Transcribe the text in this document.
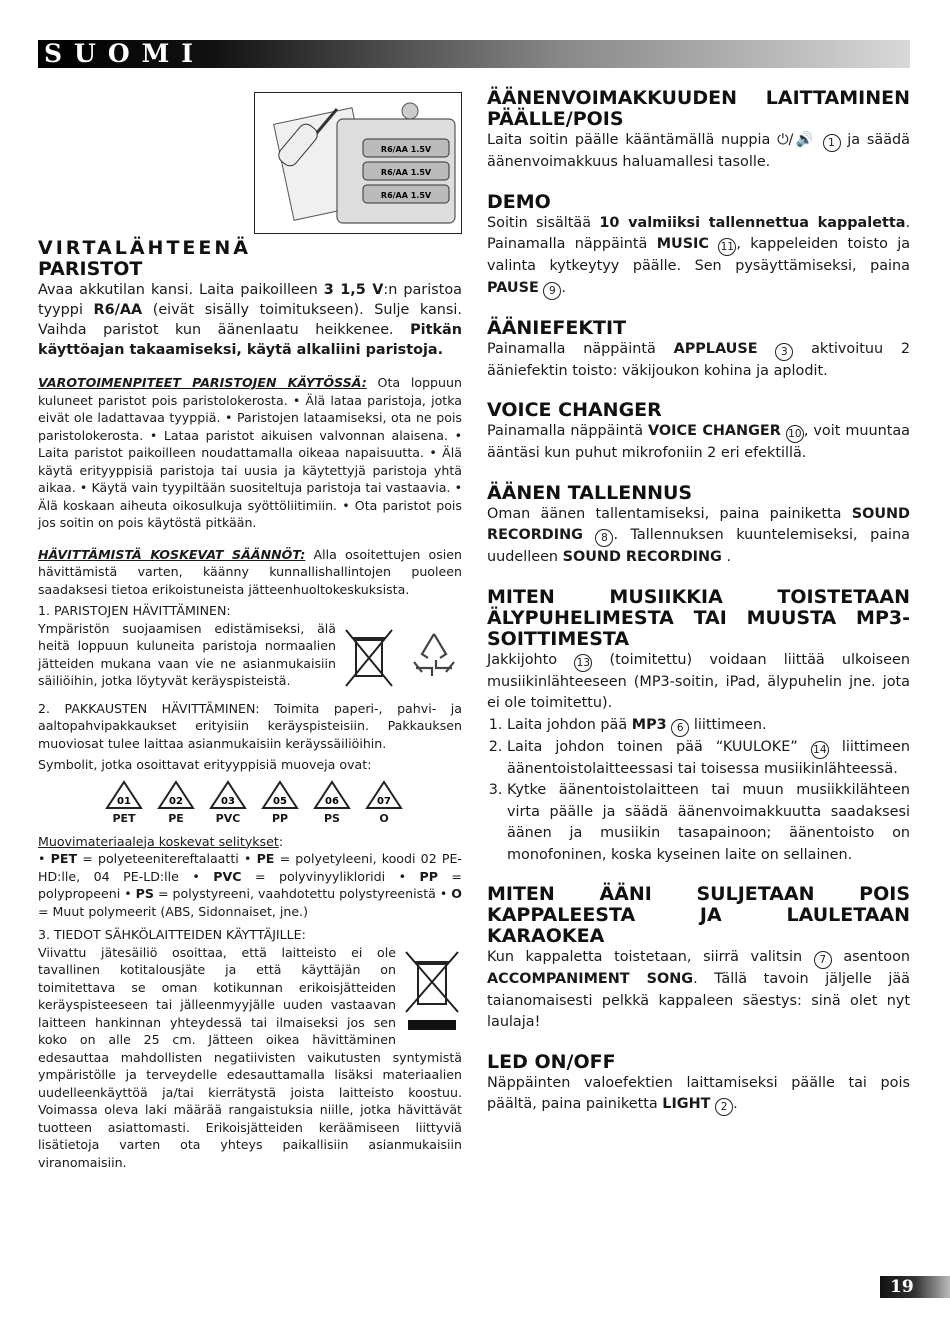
SUOMI
R6/AA 1.5V
R6/AA 1.5V
R6/AA 1.5V
VIRTALÄHTEENÄ
PARISTOT

Avaa akkutilan kansi. Laita paikoilleen 3 1,5 V:n paristoa tyyppi R6/AA (eivät sisälly toimitukseen). Sulje kansi. Vaihda paristot kun äänenlaatu heikkenee. Pitkän käyttöajan takaamiseksi, käytä alkaliini paristoja.

VAROTOIMENPITEET PARISTOJEN KÄYTÖSSÄ: Ota loppuun kuluneet paristot pois paristolokerosta. • Älä lataa paristoja, jotka eivät ole ladattavaa tyyppiä. • Paristojen lataamiseksi, ota ne pois paristolokerosta. • Lataa paristot aikuisen valvonnan alaisena. • Laita paristot paikoilleen noudattamalla oikeaa napaisuutta. • Älä käytä erityyppisiä paristoja tai uusia ja käytettyjä paristoja yhtä aikaa. • Käytä vain tyypiltään suositeltuja paristoja tai vastaavia. • Älä koskaan aiheuta oikosulkuja syöttöliitimiin. • Ota paristot pois jos soitin on pois käytöstä pitkään.

HÄVITTÄMISTÄ KOSKEVAT SÄÄNNÖT: Alla osoitettujen osien hävittämistä varten, käänny kunnallishallintojen puoleen saadaksesi tietoa erikoistuneista jätteenhuoltokeskuksista.

1. PARISTOJEN HÄVITTÄMINEN:

Ympäristön suojaamisen edistämiseksi, älä heitä loppuun kuluneita paristoja normaalien jätteiden mukana vaan vie ne asianmukaisiin säiliöihin, jotka löytyvät keräyspisteistä.

2. PAKKAUSTEN HÄVITTÄMINEN: Toimita paperi-, pahvi- ja aaltopahvipakkaukset erityisiin keräyspisteisiin. Pakkauksen muoviosat tulee laittaa asianmukaisiin keräyssäiliöihin.

Symbolit, jotka osoittavat erityyppisiä muoveja ovat:

01
PET
02
PE
03
PVC
05
PP
06
PS
07
O

Muovimateriaaleja koskevat selitykset:

• PET = polyeteenitereftalaatti • PE = polyetyleeni, koodi 02 PE-HD:lle, 04 PE-LD:lle • PVC = polyvinyylikloridi • PP = polypropeeni • PS = polystyreeni, vaahdotettu polystyreenistä • O = Muut polymeerit (ABS, Sidonnaiset, jne.)

3. TIEDOT SÄHKÖLAITTEIDEN KÄYTTÄJILLE:

Viivattu jätesäiliö osoittaa, että laitteisto ei ole tavallinen kotitalousjäte ja että käyttäjän on toimitettava se oman kotikunnan erikoisjätteiden keräyspisteeseen tai jälleenmyyjälle uuden vastaavan laitteen hankinnan yhteydessä tai ilmaiseksi jos sen koko on alle 25 cm. Jätteen oikea hävittäminen edesauttaa mahdollisten negatiivisten vaikutusten syntymistä ympäristölle ja terveydelle edesauttamalla lisäksi materiaalien uudelleenkäyttöä ja/tai kierrätystä joista laitteisto koostuu. Voimassa oleva laki määrää rangaistuksia niille, jotka hävittävät tuotteen asiattomasti. Erikoisjätteiden keräämiseen liittyviä lisätietoja varten ota yhteys paikallisiin asianmukaisiin viranomaisiin.

ÄÄNENVOIMAKKUUDEN LAITTAMINEN PÄÄLLE/POIS

Laita soitin päälle kääntämällä nuppia ⏻/🔊 1 ja säädä äänenvoimakkuus haluamallesi tasolle.

DEMO

Soitin sisältää 10 valmiiksi tallennettua kappaletta. Painamalla näppäintä MUSIC 11 , kappeleiden toisto ja valinta kytkeytyy päälle. Sen pysäyttämiseksi, paina PAUSE 9 .

ÄÄNIEFEKTIT

Painamalla näppäintä APPLAUSE 3 aktivoituu 2 ääniefektin toisto: väkijoukon kohina ja aplodit.

VOICE CHANGER

Painamalla näppäintä VOICE CHANGER 10 , voit muuntaa ääntäsi kun puhut mikrofoniin 2 eri efektillä.

ÄÄNEN TALLENNUS

Oman äänen tallentamiseksi, paina painiketta SOUND RECORDING 8 . Tallennuksen kuuntelemiseksi, paina uudelleen SOUND RECORDING .

MITEN MUSIIKKIA TOISTETAAN ÄLYPUHELIMESTA TAI MUUSTA MP3-SOITTIMESTA

Jakkijohto 13 (toimitettu) voidaan liittää ulkoiseen musiikinlähteeseen (MP3-soitin, iPad, älypuhelin jne. jota ei ole toimitettu).

1. Laita johdon pää MP3 6 liittimeen.
2. Laita johdon toinen pää “KUULOKE” 14 liittimeen äänentoistolaitteessasi tai toisessa musiikinlähteessä.
3. Kytke äänentoistolaitteen tai muun musiikkilähteen virta päälle ja säädä äänenvoimakkuutta saadaksesi äänen ja musiikin tasapainoon; äänentoisto on monofoninen, koska kyseinen laite on sellainen.
MITEN ÄÄNI SULJETAAN POIS KAPPALEESTA JA LAULETAAN KARAOKEA

Kun kappaletta toistetaan, siirrä valitsin 7 asentoon ACCOMPANIMENT SONG. Tällä tavoin jäljelle jää taianomaisesti pelkkä kappaleen säestys: sinä olet nyt laulaja!

LED ON/OFF

Näppäinten valoefektien laittamiseksi päälle tai pois päältä, paina painiketta LIGHT 2 .

19
